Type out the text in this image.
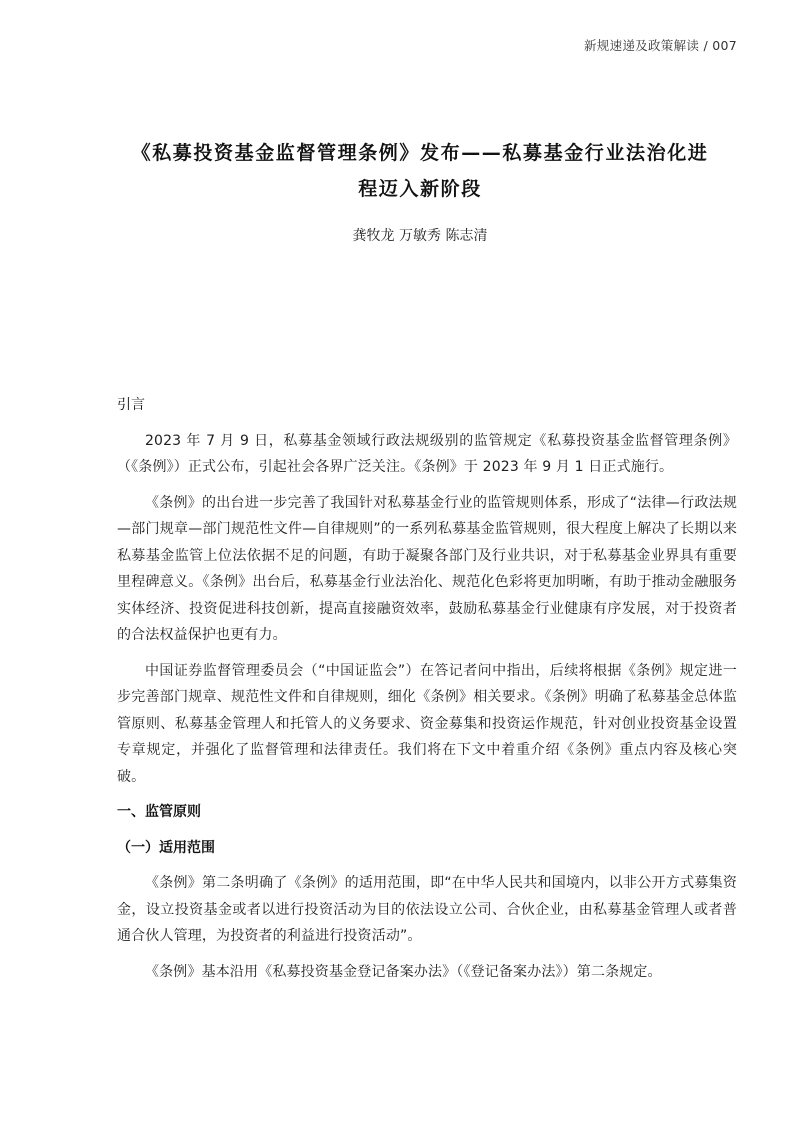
新规速递及政策解读 / 007
《私募投资基金监督管理条例》发布——私募基金行业法治化进
程迈入新阶段
龚牧龙 万敏秀 陈志清
引言

2023 年 7 月 9 日，私募基金领域行政法规级别的监管规定《私募投资基金监督管理条例》（《条例》）正式公布，引起社会各界广泛关注。《条例》于 2023 年 9 月 1 日正式施行。

《条例》的出台进一步完善了我国针对私募基金行业的监管规则体系，形成了“法律—行政法规—部门规章—部门规范性文件—自律规则”的一系列私募基金监管规则，很大程度上解决了长期以来私募基金监管上位法依据不足的问题，有助于凝聚各部门及行业共识，对于私募基金业界具有重要里程碑意义。《条例》出台后，私募基金行业法治化、规范化色彩将更加明晰，有助于推动金融服务实体经济、投资促进科技创新，提高直接融资效率，鼓励私募基金行业健康有序发展，对于投资者的合法权益保护也更有力。

中国证券监督管理委员会（“中国证监会”）在答记者问中指出，后续将根据《条例》规定进一步完善部门规章、规范性文件和自律规则，细化《条例》相关要求。《条例》明确了私募基金总体监管原则、私募基金管理人和托管人的义务要求、资金募集和投资运作规范，针对创业投资基金设置专章规定，并强化了监督管理和法律责任。我们将在下文中着重介绍《条例》重点内容及核心突破。

一、监管原则
（一）适用范围

《条例》第二条明确了《条例》的适用范围，即“在中华人民共和国境内，以非公开方式募集资金，设立投资基金或者以进行投资活动为目的依法设立公司、合伙企业，由私募基金管理人或者普通合伙人管理，为投资者的利益进行投资活动”。

《条例》基本沿用《私募投资基金登记备案办法》（《登记备案办法》）第二条规定。
